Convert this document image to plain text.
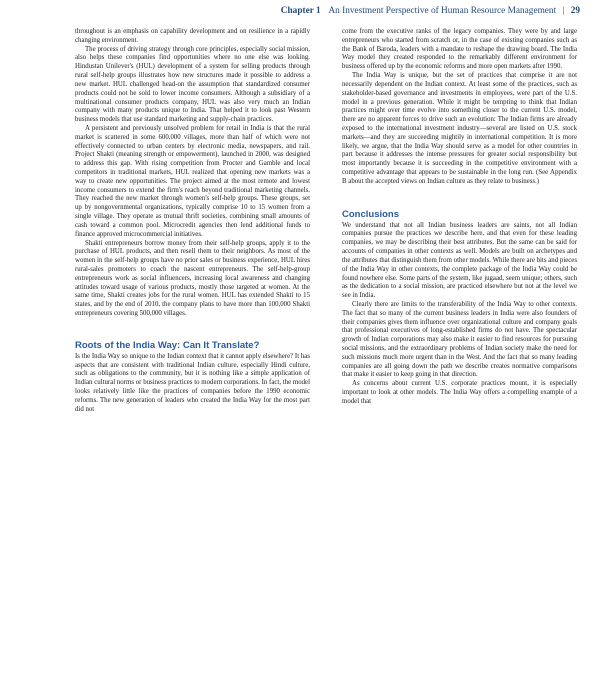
Chapter 1 An Investment Perspective of Human Resource Management | 29

throughout is an emphasis on capability development and on resilience in a rapidly changing environment.

The process of driving strategy through core principles, especially social mission, also helps these companies find opportunities where no one else was looking. Hindustan Unilever's (HUL) development of a system for selling products through rural self-help groups illustrates how new structures made it possible to address a new market. HUL challenged head-on the assumption that standardized consumer products could not be sold to lower income consumers. Although a subsidiary of a multinational consumer products company, HUL was also very much an Indian company with many products unique to India. That helped it to look past Western business models that use standard marketing and supply-chain practices.

A persistent and previously unsolved problem for retail in India is that the rural market is scattered in some 600,000 villages, more than half of which were not effectively connected to urban centers by electronic media, newspapers, and rail. Project Shakti (meaning strength or empowerment), launched in 2000, was designed to address this gap. With rising competition from Procter and Gamble and local competitors in traditional markets, HUL realized that opening new markets was a way to create new opportunities. The project aimed at the most remote and lowest income consumers to extend the firm's reach beyond traditional marketing channels. They reached the new market through women's self-help groups. These groups, set up by nongovernmental organizations, typically comprise 10 to 15 women from a single village. They operate as mutual thrift societies, combining small amounts of cash toward a common pool. Microcredit agencies then lend additional funds to finance approved microcommercial initiatives.

Shakti entrepreneurs borrow money from their self-help groups, apply it to the purchase of HUL products, and then resell them to their neighbors. As most of the women in the self-help groups have no prior sales or business experience, HUL hires rural-sales promoters to coach the nascent entrepreneurs. The self-help-group entrepreneurs work as social influencers, increasing local awareness and changing attitudes toward usage of various products, mostly those targeted at women. At the same time, Shakti creates jobs for the rural women. HUL has extended Shakti to 15 states, and by the end of 2010, the company plans to have more than 100,000 Shakti entrepreneurs covering 500,000 villages.

Roots of the India Way: Can It Translate?

Is the India Way so unique to the Indian context that it cannot apply elsewhere? It has aspects that are consistent with traditional Indian culture, especially Hindi culture, such as obligations to the community, but it is nothing like a simple application of Indian cultural norms or business practices to modern corporations. In fact, the model looks relatively little like the practices of companies before the 1990 economic reforms. The new generation of leaders who created the India Way for the most part did not

come from the executive ranks of the legacy companies. They were by and large entrepreneurs who started from scratch or, in the case of existing companies such as the Bank of Baroda, leaders with a mandate to reshape the drawing board. The India Way model they created responded to the remarkably different environment for business offered up by the economic reforms and more open markets after 1990.

The India Way is unique, but the set of practices that comprise it are not necessarily dependent on the Indian context. At least some of the practices, such as stakeholder-based governance and investments in employees, were part of the U.S. model in a previous generation. While it might be tempting to think that Indian practices might over time evolve into something closer to the current U.S. model, there are no apparent forces to drive such an evolution: The Indian firms are already exposed to the international investment industry—several are listed on U.S. stock markets—and they are succeeding mightily in international competition. It is more likely, we argue, that the India Way should serve as a model for other countries in part because it addresses the intense pressures for greater social responsibility but most importantly because it is succeeding in the competitive environment with a competitive advantage that appears to be sustainable in the long run. (See Appendix B about the accepted views on Indian culture as they relate to business.)

Conclusions

We understand that not all Indian business leaders are saints, not all Indian companies pursue the practices we describe here, and that even for these leading companies, we may be describing their best attributes. But the same can be said for accounts of companies in other contexts as well. Models are built on archetypes and the attributes that distinguish them from other models. While there are bits and pieces of the India Way in other contexts, the complete package of the India Way could be found nowhere else. Some parts of the system, like jugaad, seem unique; others, such as the dedication to a social mission, are practiced elsewhere but not at the level we see in India.

Clearly there are limits to the transferability of the India Way to other contexts. The fact that so many of the current business leaders in India were also founders of their companies gives them influence over organizational culture and company goals that professional executives of long-established firms do not have. The spectacular growth of Indian corporations may also make it easier to find resources for pursuing social missions, and the extraordinary problems of Indian society make the need for such missions much more urgent than in the West. And the fact that so many leading companies are all going down the path we describe creates normative comparisons that make it easier to keep going in that direction.

As concerns about current U.S. corporate practices mount, it is especially important to look at other models. The India Way offers a compelling example of a model that
